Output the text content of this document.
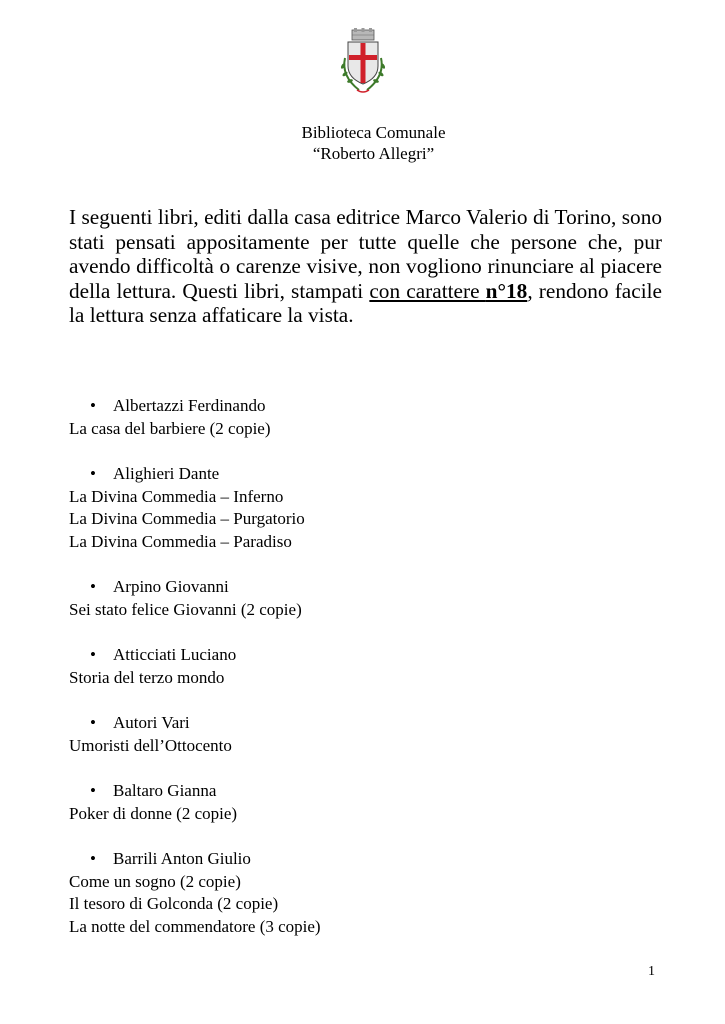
Biblioteca Comunale
“Roberto Allegri”

I seguenti libri, editi dalla casa editrice Marco Valerio di Torino, sono stati pensati appositamente per tutte quelle che persone che, pur avendo difficoltà o carenze visive, non vogliono rinunciare al piacere della lettura. Questi libri, stampati con carattere n°18, rendono facile la lettura senza affaticare la vista.

• Albertazzi Ferdinando
La casa del barbiere (2 copie)
• Alighieri Dante
La Divina Commedia – Inferno
La Divina Commedia – Purgatorio
La Divina Commedia – Paradiso
• Arpino Giovanni
Sei stato felice Giovanni (2 copie)
• Atticciati Luciano
Storia del terzo mondo
• Autori Vari
Umoristi dell’Ottocento
• Baltaro Gianna
Poker di donne (2 copie)
• Barrili Anton Giulio
Come un sogno (2 copie)
Il tesoro di Golconda (2 copie)
La notte del commendatore (3 copie)
1
